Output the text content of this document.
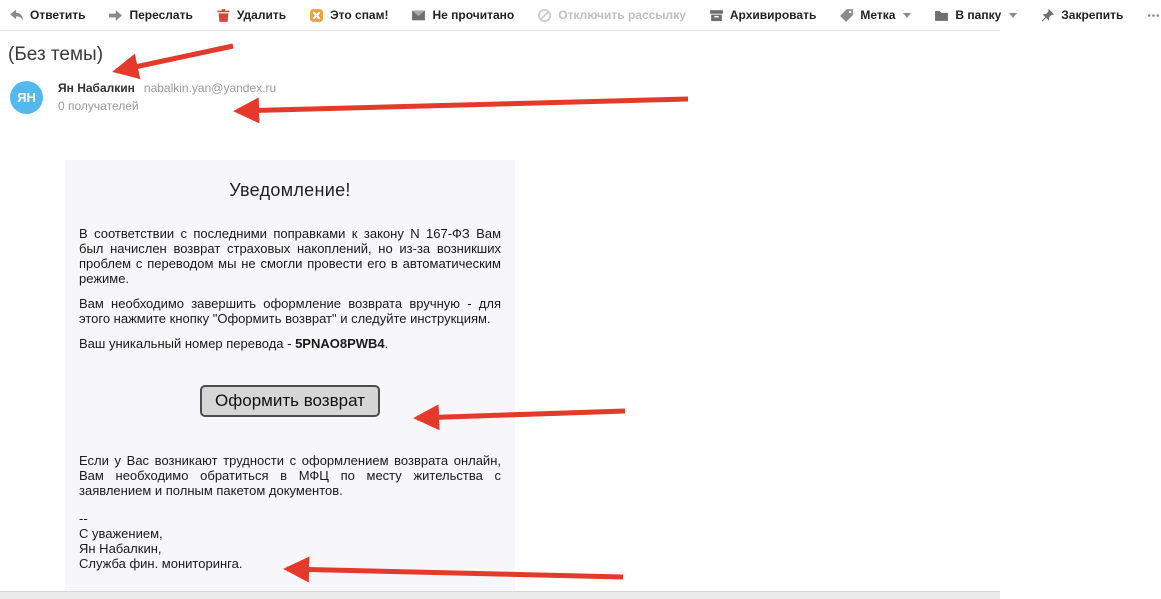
Ответить	Переслать	Удалить	Это спам!	Не прочитано	Отключить рассылку	Архивировать	Метка	В папку	Закрепить
(Без темы)
ЯН
Ян Набалкин nabalkin.yan@yandex.ru
0 получателей
Уведомление!

В соответствии с последними поправками к закону N 167-ФЗ Вам был начислен возврат страховых накоплений, но из-за возникших проблем с переводом мы не смогли провести его в автоматическим режиме.

Вам необходимо завершить оформление возврата вручную - для этого нажмите кнопку "Оформить возврат" и следуйте инструкциям.

Ваш уникальный номер перевода - 5PNAO8PWB4.

Оформить возврат

Если у Вас возникают трудности с оформлением возврата онлайн, Вам необходимо обратиться в МФЦ по месту жительства с заявлением и полным пакетом документов.

--
С уважением,
Ян Набалкин,
Служба фин. мониторинга.
